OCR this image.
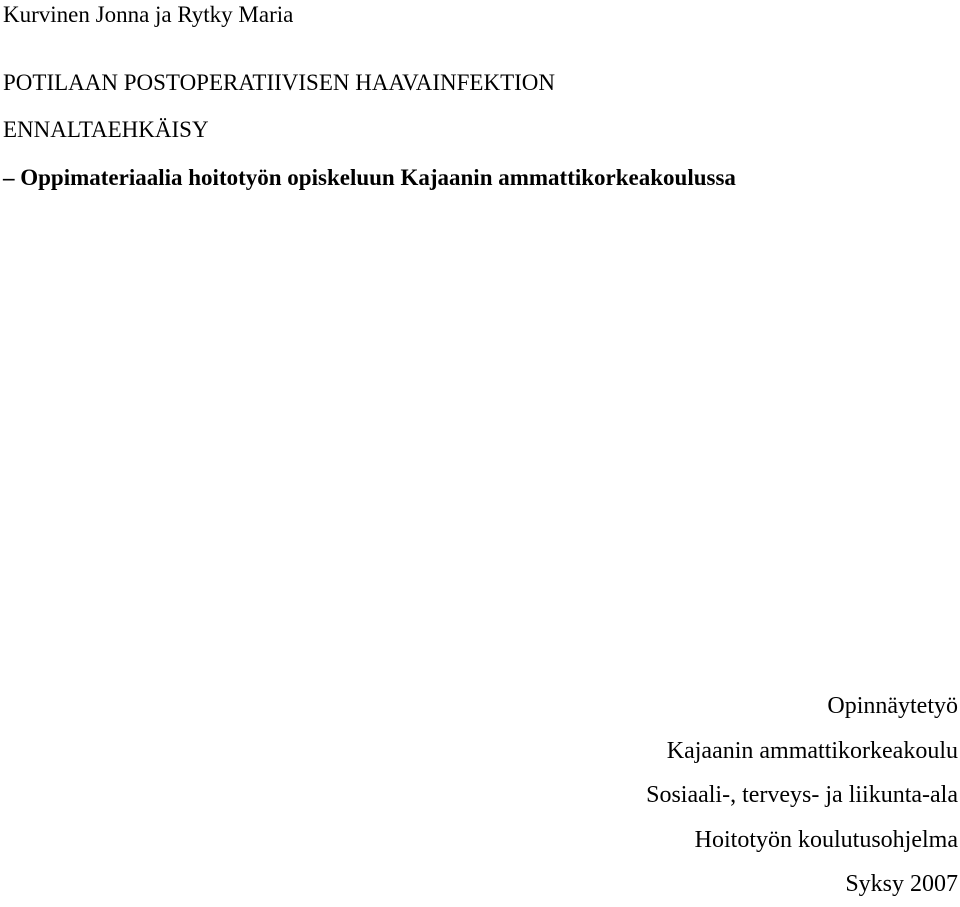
Kurvinen Jonna ja Rytky Maria
POTILAAN POSTOPERATIIVISEN HAAVAINFEKTION
ENNALTAEHKÄISY
– Oppimateriaalia hoitotyön opiskeluun Kajaanin ammattikorkeakoulussa
Opinnäytetyö
Kajaanin ammattikorkeakoulu
Sosiaali-, terveys- ja liikunta-ala
Hoitotyön koulutusohjelma
Syksy 2007
